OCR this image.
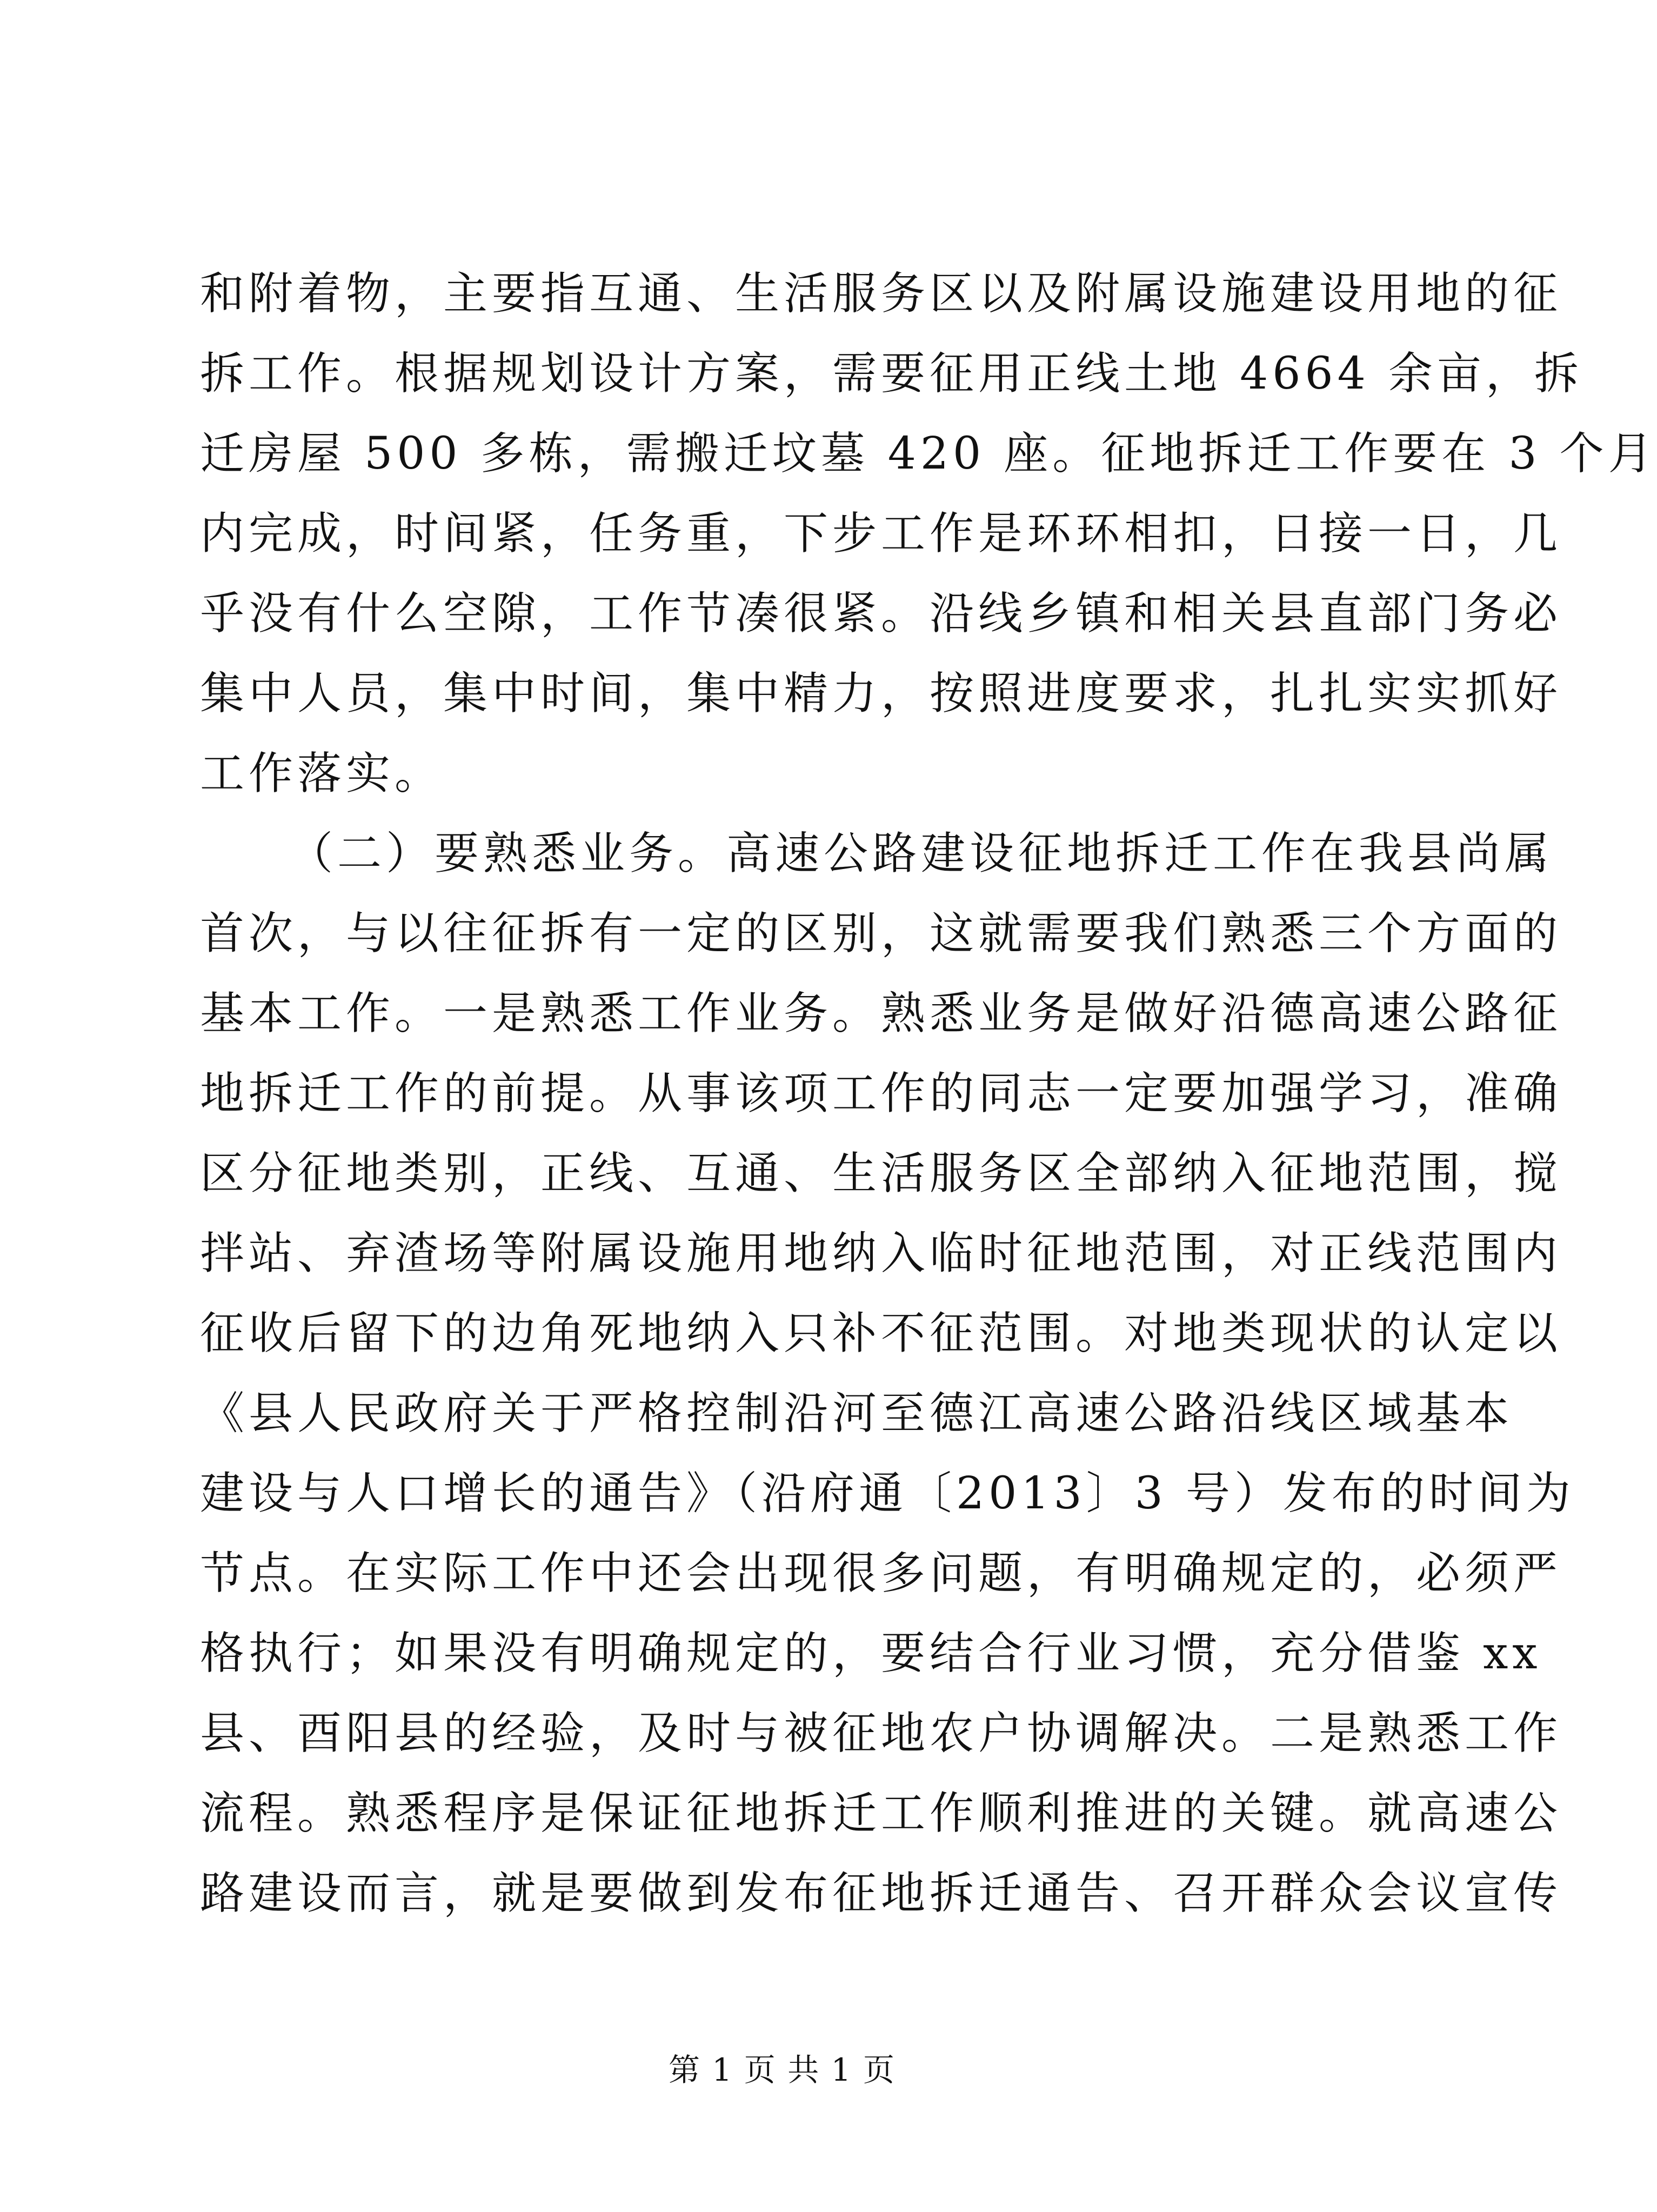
和附着物，主要指互通、生活服务区以及附属设施建设用地的征
拆工作。根据规划设计方案，需要征用正线土地 4664 余亩，拆
迁房屋 500 多栋，需搬迁坟墓 420 座。征地拆迁工作要在 3 个月
内完成，时间紧，任务重，下步工作是环环相扣，日接一日，几
乎没有什么空隙，工作节凑很紧。沿线乡镇和相关县直部门务必
集中人员，集中时间，集中精力，按照进度要求，扎扎实实抓好
工作落实。
（二）要熟悉业务。高速公路建设征地拆迁工作在我县尚属
首次，与以往征拆有一定的区别，这就需要我们熟悉三个方面的
基本工作。一是熟悉工作业务。熟悉业务是做好沿德高速公路征
地拆迁工作的前提。从事该项工作的同志一定要加强学习，准确
区分征地类别，正线、互通、生活服务区全部纳入征地范围，搅
拌站、弃渣场等附属设施用地纳入临时征地范围，对正线范围内
征收后留下的边角死地纳入只补不征范围。对地类现状的认定以
《县人民政府关于严格控制沿河至德江高速公路沿线区域基本
建设与人口增长的通告》（沿府通〔2013〕3 号）发布的时间为
节点。在实际工作中还会出现很多问题，有明确规定的，必须严
格执行；如果没有明确规定的，要结合行业习惯，充分借鉴 xx
县、酉阳县的经验，及时与被征地农户协调解决。二是熟悉工作
流程。熟悉程序是保证征地拆迁工作顺利推进的关键。就高速公
路建设而言，就是要做到发布征地拆迁通告、召开群众会议宣传
第 1 页 共 1 页
